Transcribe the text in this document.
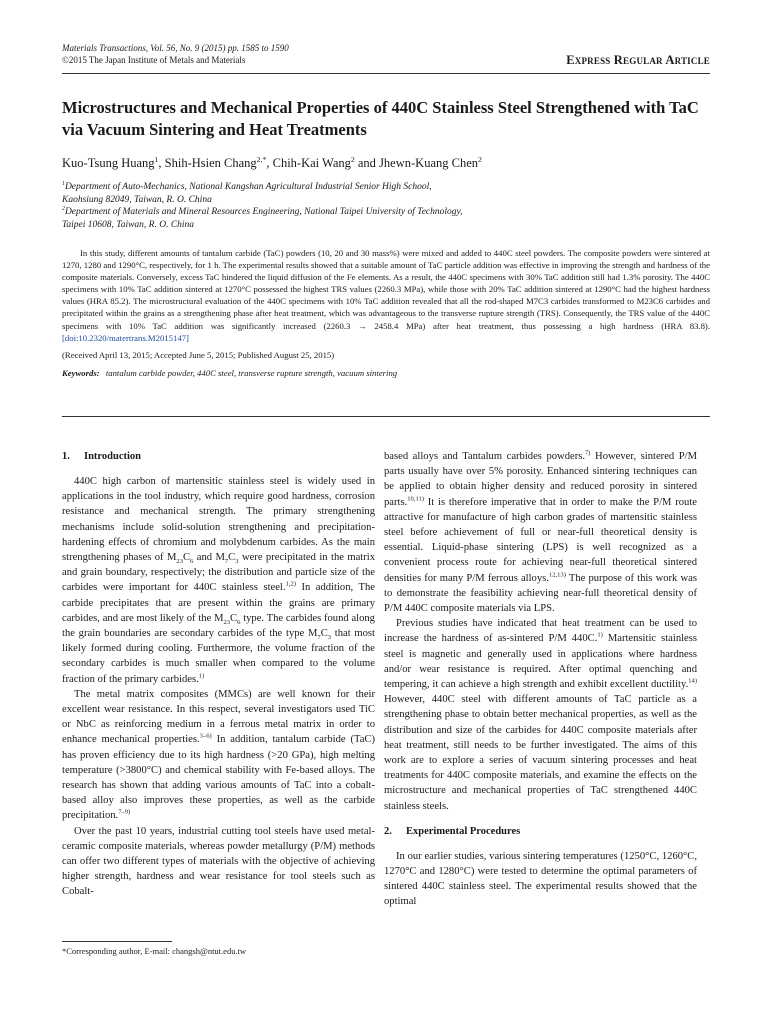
Materials Transactions, Vol. 56, No. 9 (2015) pp. 1585 to 1590
©2015 The Japan Institute of Metals and Materials	Express Regular Article
Microstructures and Mechanical Properties of 440C Stainless Steel Strengthened with TaC via Vacuum Sintering and Heat Treatments
Kuo-Tsung Huang$^1$, Shih-Hsien Chang$^{2,*}$, Chih-Kai Wang$^2$ and Jhewn-Kuang Chen$^2$

$^1$Department of Auto-Mechanics, National Kangshan Agricultural Industrial Senior High School,

Kaohsiung 82049, Taiwan, R. O. China

$^2$Department of Materials and Mineral Resources Engineering, National Taipei University of Technology,

Taipei 10608, Taiwan, R. O. China

In this study, different amounts of tantalum carbide (TaC) powders (10, 20 and 30 mass%) were mixed and added to 440C steel powders. The composite powders were sintered at 1270, 1280 and 1290°C, respectively, for 1 h. The experimental results showed that a suitable amount of TaC particle addition was effective in improving the strength and hardness of the composite materials. Conversely, excess TaC hindered the liquid diffusion of the Fe elements. As a result, the 440C specimens with 30% TaC addition still had 1.3% porosity. The 440C specimens with 10% TaC addition sintered at 1270°C possessed the highest TRS values (2260.3 MPa), while those with 20% TaC addition sintered at 1290°C had the highest hardness values (HRA 85.2). The microstructural evaluation of the 440C specimens with 10% TaC addition revealed that all the rod-shaped M7C3 carbides transformed to M23C6 carbides and precipitated within the grains as a strengthening phase after heat treatment, which was advantageous to the transverse rupture strength (TRS). Consequently, the TRS value of the 440C specimens with 10% TaC addition was significantly increased (2260.3 → 2458.4 MPa) after heat treatment, thus possessing a high hardness (HRA 83.8). [doi:10.2320/matertrans.M2015147]
(Received April 13, 2015; Accepted June 5, 2015; Published August 25, 2015)
Keywords: tantalum carbide powder, 440C steel, transverse rupture strength, vacuum sintering
1. Introduction

440C high carbon of martensitic stainless steel is widely used in applications in the tool industry, which require good hardness, corrosion resistance and mechanical strength. The primary strengthening mechanisms include solid-solution strengthening and precipitation-hardening effects of chromium and molybdenum carbides. As the main strengthening phases of $M_{23}C_6$ and $M_7C_3$ were precipitated in the matrix and grain boundary, respectively; the distribution and particle size of the carbides were important for 440C stainless steel.$^{1,2)}$ In addition, The carbide precipitates that are present within the grains are primary carbides, and are most likely of the $M_{23}C_6$ type. The carbides found along the grain boundaries are secondary carbides of the type $M_7C_3$ that most likely formed during cooling. Furthermore, the volume fraction of the secondary carbides is much smaller when compared to the volume fraction of the primary carbides.$^{1)}$

The metal matrix composites (MMCs) are well known for their excellent wear resistance. In this respect, several investigators used TiC or NbC as reinforcing medium in a ferrous metal matrix in order to enhance mechanical properties.$^{3-6)}$ In addition, tantalum carbide (TaC) has proven efficiency due to its high hardness (>20 GPa), high melting temperature (>3800°C) and chemical stability with Fe-based alloys. The research has shown that adding various amounts of TaC into a cobalt-based alloy also improves these properties, as well as the carbide precipitation.$^{7-9)}$

Over the past 10 years, industrial cutting tool steels have used metal-ceramic composite materials, whereas powder metallurgy (P/M) methods can offer two different types of materials with the objective of achieving higher strength, hardness and wear resistance for tool steels such as Cobalt-

based alloys and Tantalum carbides powders.$^{7)}$ However, sintered P/M parts usually have over 5% porosity. Enhanced sintering techniques can be applied to obtain higher density and reduced porosity in sintered parts.$^{10,11)}$ It is therefore imperative that in order to make the P/M route attractive for manufacture of high carbon grades of martensitic stainless steel before achievement of full or near-full theoretical density is essential. Liquid-phase sintering (LPS) is well recognized as a convenient process route for achieving near-full theoretical sintered densities for many P/M ferrous alloys.$^{12,13)}$ The purpose of this work was to demonstrate the feasibility achieving near-full theoretical density of P/M 440C composite materials via LPS.

Previous studies have indicated that heat treatment can be used to increase the hardness of as-sintered P/M 440C.$^{1)}$ Martensitic stainless steel is magnetic and generally used in applications where hardness and/or wear resistance is required. After optimal quenching and tempering, it can achieve a high strength and exhibit excellent ductility.$^{14)}$ However, 440C steel with different amounts of TaC particle as a strengthening phase to obtain better mechanical properties, as well as the distribution and size of the carbides for 440C composite materials after heat treatment, still needs to be further investigated. The aims of this work are to explore a series of vacuum sintering processes and heat treatments for 440C composite materials, and examine the effects on the microstructure and mechanical properties of TaC strengthened 440C stainless steels.

2. Experimental Procedures

In our earlier studies, various sintering temperatures (1250°C, 1260°C, 1270°C and 1280°C) were tested to determine the optimal parameters of sintered 440C stainless steel. The experimental results showed that the optimal

*Corresponding author, E-mail: changsh@ntut.edu.tw
